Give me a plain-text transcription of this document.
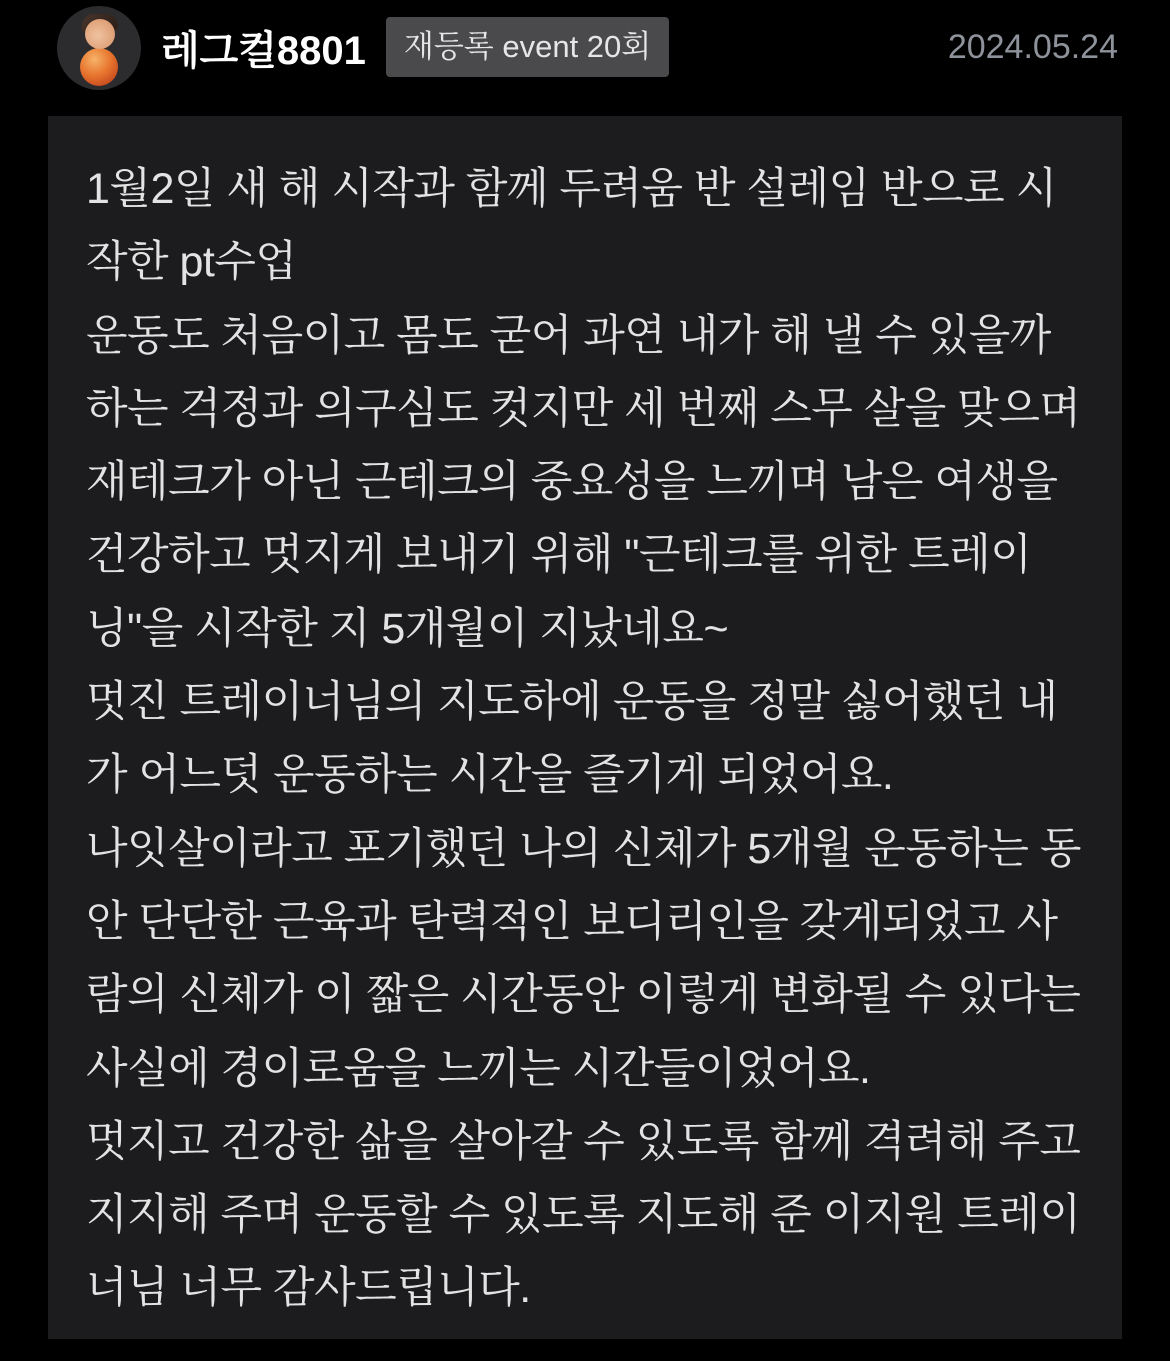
레그컬8801	재등록 event 20회	2024.05.24

1월2일 새 해 시작과 함께 두려움 반 설레임 반으로 시작한 pt수업

운동도 처음이고 몸도 굳어 과연 내가 해 낼 수 있을까 하는 걱정과 의구심도 컷지만 세 번째 스무 살을 맞으며 재테크가 아닌 근테크의 중요성을 느끼며 남은 여생을 건강하고 멋지게 보내기 위해 "근테크를 위한 트레이닝"을 시작한 지 5개월이 지났네요~

멋진 트레이너님의 지도하에 운동을 정말 싫어했던 내가 어느덧 운동하는 시간을 즐기게 되었어요.

나잇살이라고 포기했던 나의 신체가 5개월 운동하는 동안 단단한 근육과 탄력적인 보디리인을 갖게되었고 사람의 신체가 이 짧은 시간동안 이렇게 변화될 수 있다는 사실에 경이로움을 느끼는 시간들이었어요.

멋지고 건강한 삶을 살아갈 수 있도록 함께 격려해 주고 지지해 주며 운동할 수 있도록 지도해 준 이지원 트레이너님 너무 감사드립니다.
